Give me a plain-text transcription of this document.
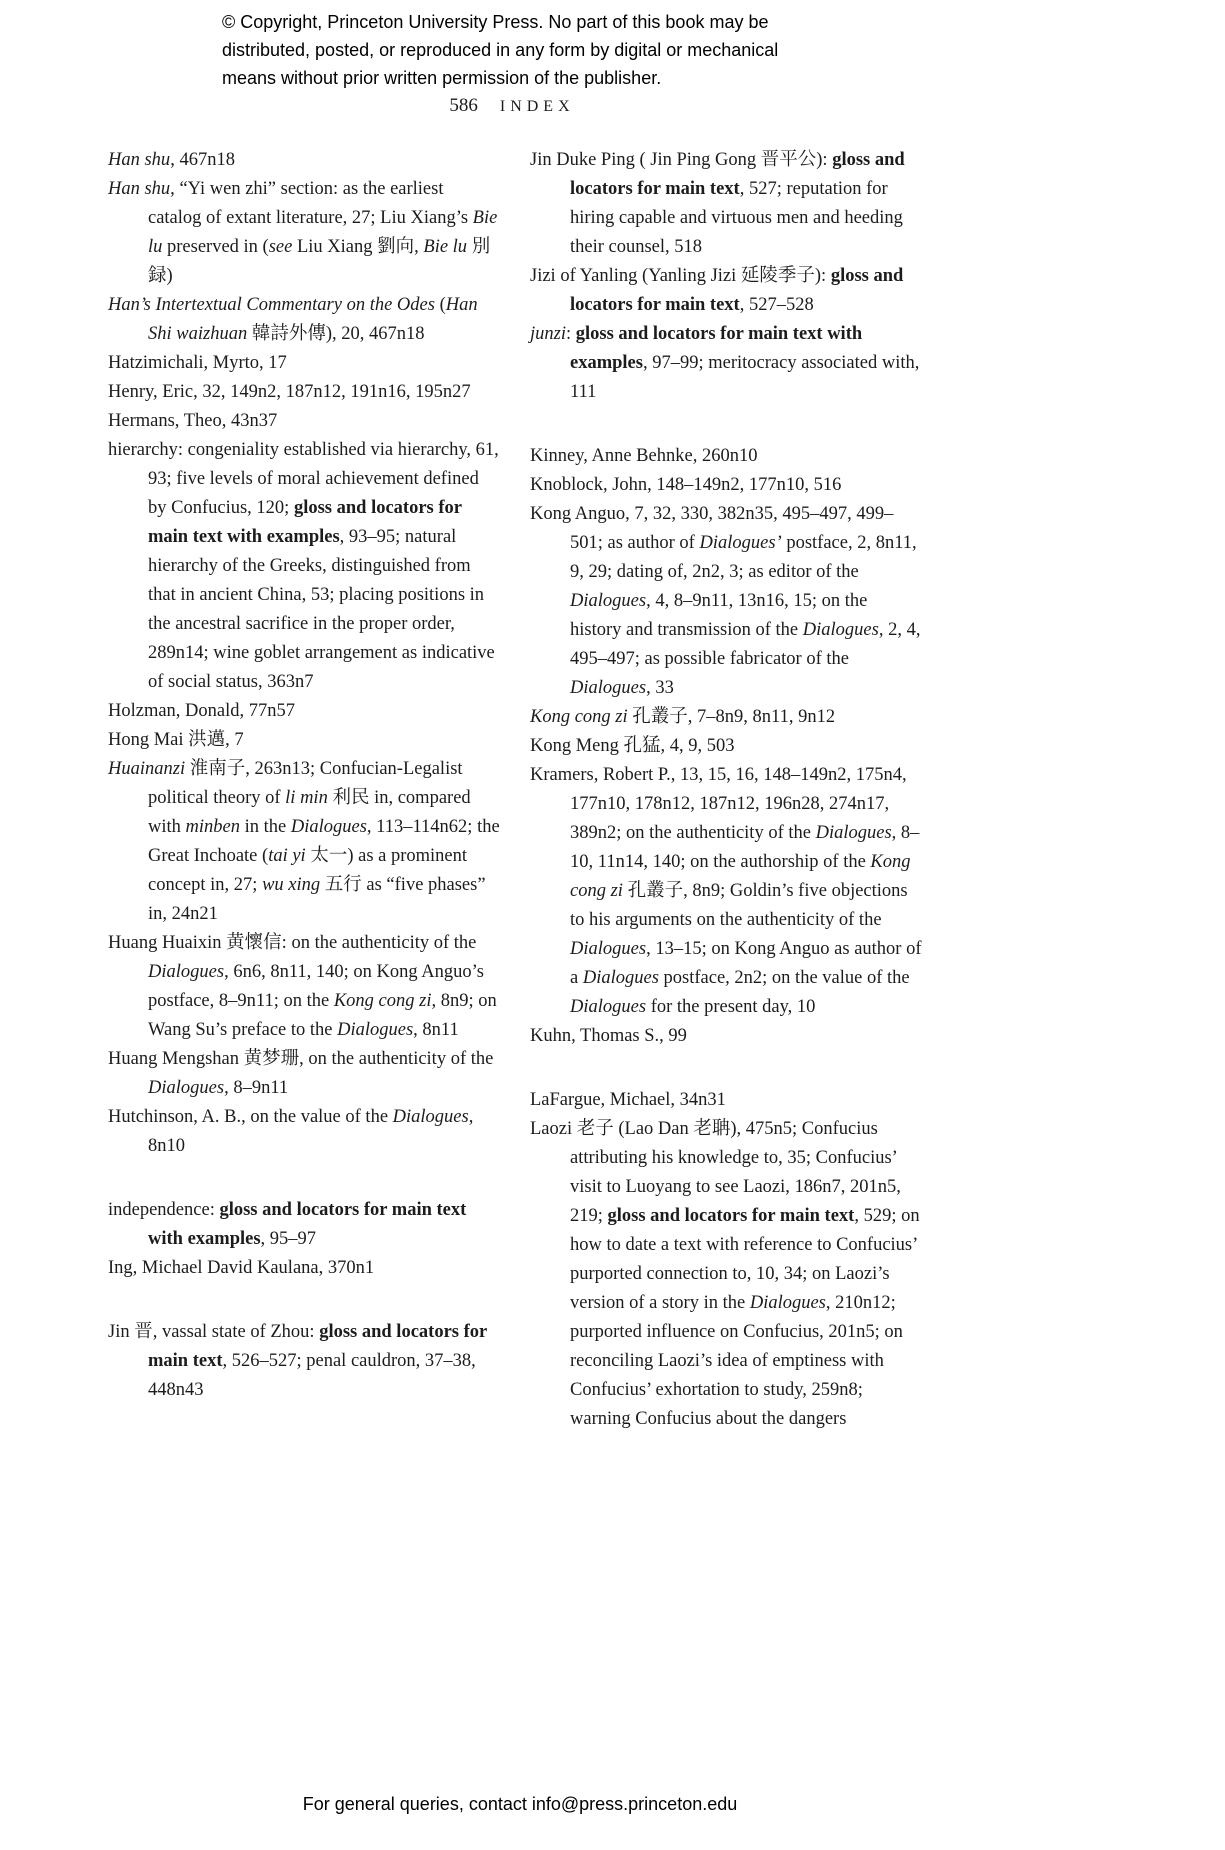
© Copyright, Princeton University Press. No part of this book may be distributed, posted, or reproduced in any form by digital or mechanical means without prior written permission of the publisher.
586 INDEX

Han shu, 467n18

Han shu, “Yi wen zhi” section: as the earliest catalog of extant literature, 27; Liu Xiang’s Bie lu preserved in (see Liu Xiang 劉向, Bie lu 別録)

Han’s Intertextual Commentary on the Odes (Han Shi waizhuan 韓詩外傳), 20, 467n18

Hatzimichali, Myrto, 17

Henry, Eric, 32, 149n2, 187n12, 191n16, 195n27

Hermans, Theo, 43n37

hierarchy: congeniality established via hierarchy, 61, 93; five levels of moral achievement defined by Confucius, 120; gloss and locators for main text with examples, 93–95; natural hierarchy of the Greeks, distinguished from that in ancient China, 53; placing positions in the ancestral sacrifice in the proper order, 289n14; wine goblet arrangement as indicative of social status, 363n7

Holzman, Donald, 77n57

Hong Mai 洪邁, 7

Huainanzi 淮南子, 263n13; Confucian-Legalist political theory of li min 利民 in, compared with minben in the Dialogues, 113–114n62; the Great Inchoate (tai yi 太一) as a prominent concept in, 27; wu xing 五行 as “five phases” in, 24n21

Huang Huaixin 黄懷信: on the authenticity of the Dialogues, 6n6, 8n11, 140; on Kong Anguo’s postface, 8–9n11; on the Kong cong zi, 8n9; on Wang Su’s preface to the Dialogues, 8n11

Huang Mengshan 黄梦珊, on the authenticity of the Dialogues, 8–9n11

Hutchinson, A. B., on the value of the Dialogues, 8n10

independence: gloss and locators for main text with examples, 95–97

Ing, Michael David Kaulana, 370n1

Jin 晋, vassal state of Zhou: gloss and locators for main text, 526–527; penal cauldron, 37–38, 448n43

Jin Duke Ping ( Jin Ping Gong 晋平公): gloss and locators for main text, 527; reputation for hiring capable and virtuous men and heeding their counsel, 518

Jizi of Yanling (Yanling Jizi 延陵季子): gloss and locators for main text, 527–528

junzi: gloss and locators for main text with examples, 97–99; meritocracy associated with, 111

Kinney, Anne Behnke, 260n10

Knoblock, John, 148–149n2, 177n10, 516

Kong Anguo, 7, 32, 330, 382n35, 495–497, 499–501; as author of Dialogues’ postface, 2, 8n11, 9, 29; dating of, 2n2, 3; as editor of the Dialogues, 4, 8–9n11, 13n16, 15; on the history and transmission of the Dialogues, 2, 4, 495–497; as possible fabricator of the Dialogues, 33

Kong cong zi 孔叢子, 7–8n9, 8n11, 9n12

Kong Meng 孔猛, 4, 9, 503

Kramers, Robert P., 13, 15, 16, 148–149n2, 175n4, 177n10, 178n12, 187n12, 196n28, 274n17, 389n2; on the authenticity of the Dialogues, 8–10, 11n14, 140; on the authorship of the Kong cong zi 孔叢子, 8n9; Goldin’s five objections to his arguments on the authenticity of the Dialogues, 13–15; on Kong Anguo as author of a Dialogues postface, 2n2; on the value of the Dialogues for the present day, 10

Kuhn, Thomas S., 99

LaFargue, Michael, 34n31

Laozi 老子 (Lao Dan 老聃), 475n5; Confucius attributing his knowledge to, 35; Confucius’ visit to Luoyang to see Laozi, 186n7, 201n5, 219; gloss and locators for main text, 529; on how to date a text with reference to Confucius’ purported connection to, 10, 34; on Laozi’s version of a story in the Dialogues, 210n12; purported influence on Confucius, 201n5; on reconciling Laozi’s idea of emptiness with Confucius’ exhortation to study, 259n8; warning Confucius about the dangers

For general queries, contact info@press.princeton.edu
